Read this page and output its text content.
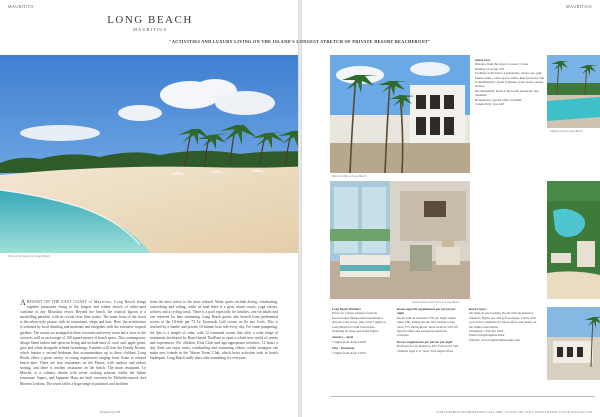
MAURITIUS
View of the beach at Long Beach
A RESORT ON THE EAST COAST of Mauritius, Long Beach brings together passionate living to the longest and widest stretch of white-sand coastline of any Mauritius resort. Beyond the beach, the tropical lagoon is a snorkelling paradise, with its crystal clear blue waters. The main focus of the resort is the urban-style piazza, with its restaurants, shops and bars. Here, the architecture is softened by local detailing and materials and integrates with the extensive tropical gardens. The rooms are arranged in three crescents and every room has a view of the ocean as well as an average of 100 square metres of beach space. This contemporary design blend indoor and open-air living and include hues of coral and, apple green, grey and white alongside refined furnishings. Families will love the Family Rooms, which feature a second bedroom that accommodates up to three children. Long Beach offers a great variety of eating experiences ranging from Asian to relaxed beach dine. There are four restaurants on the Piazza, with outdoor and indoor seating, and there is another restaurant on the beach. The main restaurant, Le Marché, is a culinary theatre with seven cooking stations, whilst the Italian restaurant, Sapori, and Japanese Hasu are both overseen by Michelin-starred chef Moreno Cedroni. The resort offers a huge range of pastimes and facilities
from the most active to the most relaxed. Water sports include diving, windsurfing, waterskiing and sailing, while on land there is a gym, tennis courts, yoga classes, archery and a cycling track. There is a pool especially for families, one for adults and one reserved for lane swimming. Long Beach guests also benefit from preferential access to the 18-hole par 72 Le Touessrok Golf course on Ile aux Cerfs. This is reached by a shuttle and private 10-minute boat ride every day. For some pampering, the Spa is a temple of calm, with 12 treatment rooms that offer a wide range of treatments developed by Brazil-based ThaiPaza to open a whole new world of senses and experiences. For children, Kids Club runs age-appropriate activities, 12 hours a day. Kids can enjoy treats, windsurfing and swimming clinics, whilst teenagers can make new friends in the 'Waves Teens' Club, which hosts activities such as beach barbeques. Long Beach really does offer something for everyone.
Experience 88
MAURITIUS
Resort Lobby at Long Beach
Quick facts
Distance from the airport to resort: 1 hour
Number of rooms: 255
Facilities at the hotel: 4 restaurants, 4 bars, spa, golf, fitness centre, water sports, tennis, kids and teens club
Complimentary: beach activities, water sports, tennis, archery
Recommended: lunch at the beach restaurant, Spa treatment
Honeymoon: special offers available
Connectivity: free wifi
Infinity pool at Long Beach
Deluxe Room Pool View at Long Beach
Long Beach Holidays
Prices for private transfers from Sir Seewoosagur Ramgoolam International Airport to the resort, plus a full 7 nights at Long Beach on a half board basis, including all taxes and return flights.
January - April
7 nights from about £2199
May - December
7 nights from about £1979
Room upgrade supplements per person per night
Room with all-inclusive: £50 per night. Junior Suite: £80. Family Room: £60. Deluxe ocean view: £75. Honeymoon: bride receives 50% off. Special offers and seasonal promotions available.
Resort supplements per person per night
Half board to all inclusive: £65. Full board: £40. Children aged 2-11 years. Free nights offers.
Resort Specs
All items in one booking. Room with all-inclusive, transfers, flights, spa and golf packages. Check with your travel consultant for latest offers, and details on the online reservations.
Telephone: +230 401 1919
Email: info@longbeach.mu
Website: www.longbeachmauritius.com
FOR FURTHER INFORMATION CALL 0800 123 4567 OR VISIT WWW.TRAVEL.CO.UK Experience 89
LONG BEACH
MAURITIUS
"ACTIVITIES AND LUXURY LIVING ON THE ISLAND'S LONGEST STRETCH OF PRIVATE RESORT BEACHFRONT"
